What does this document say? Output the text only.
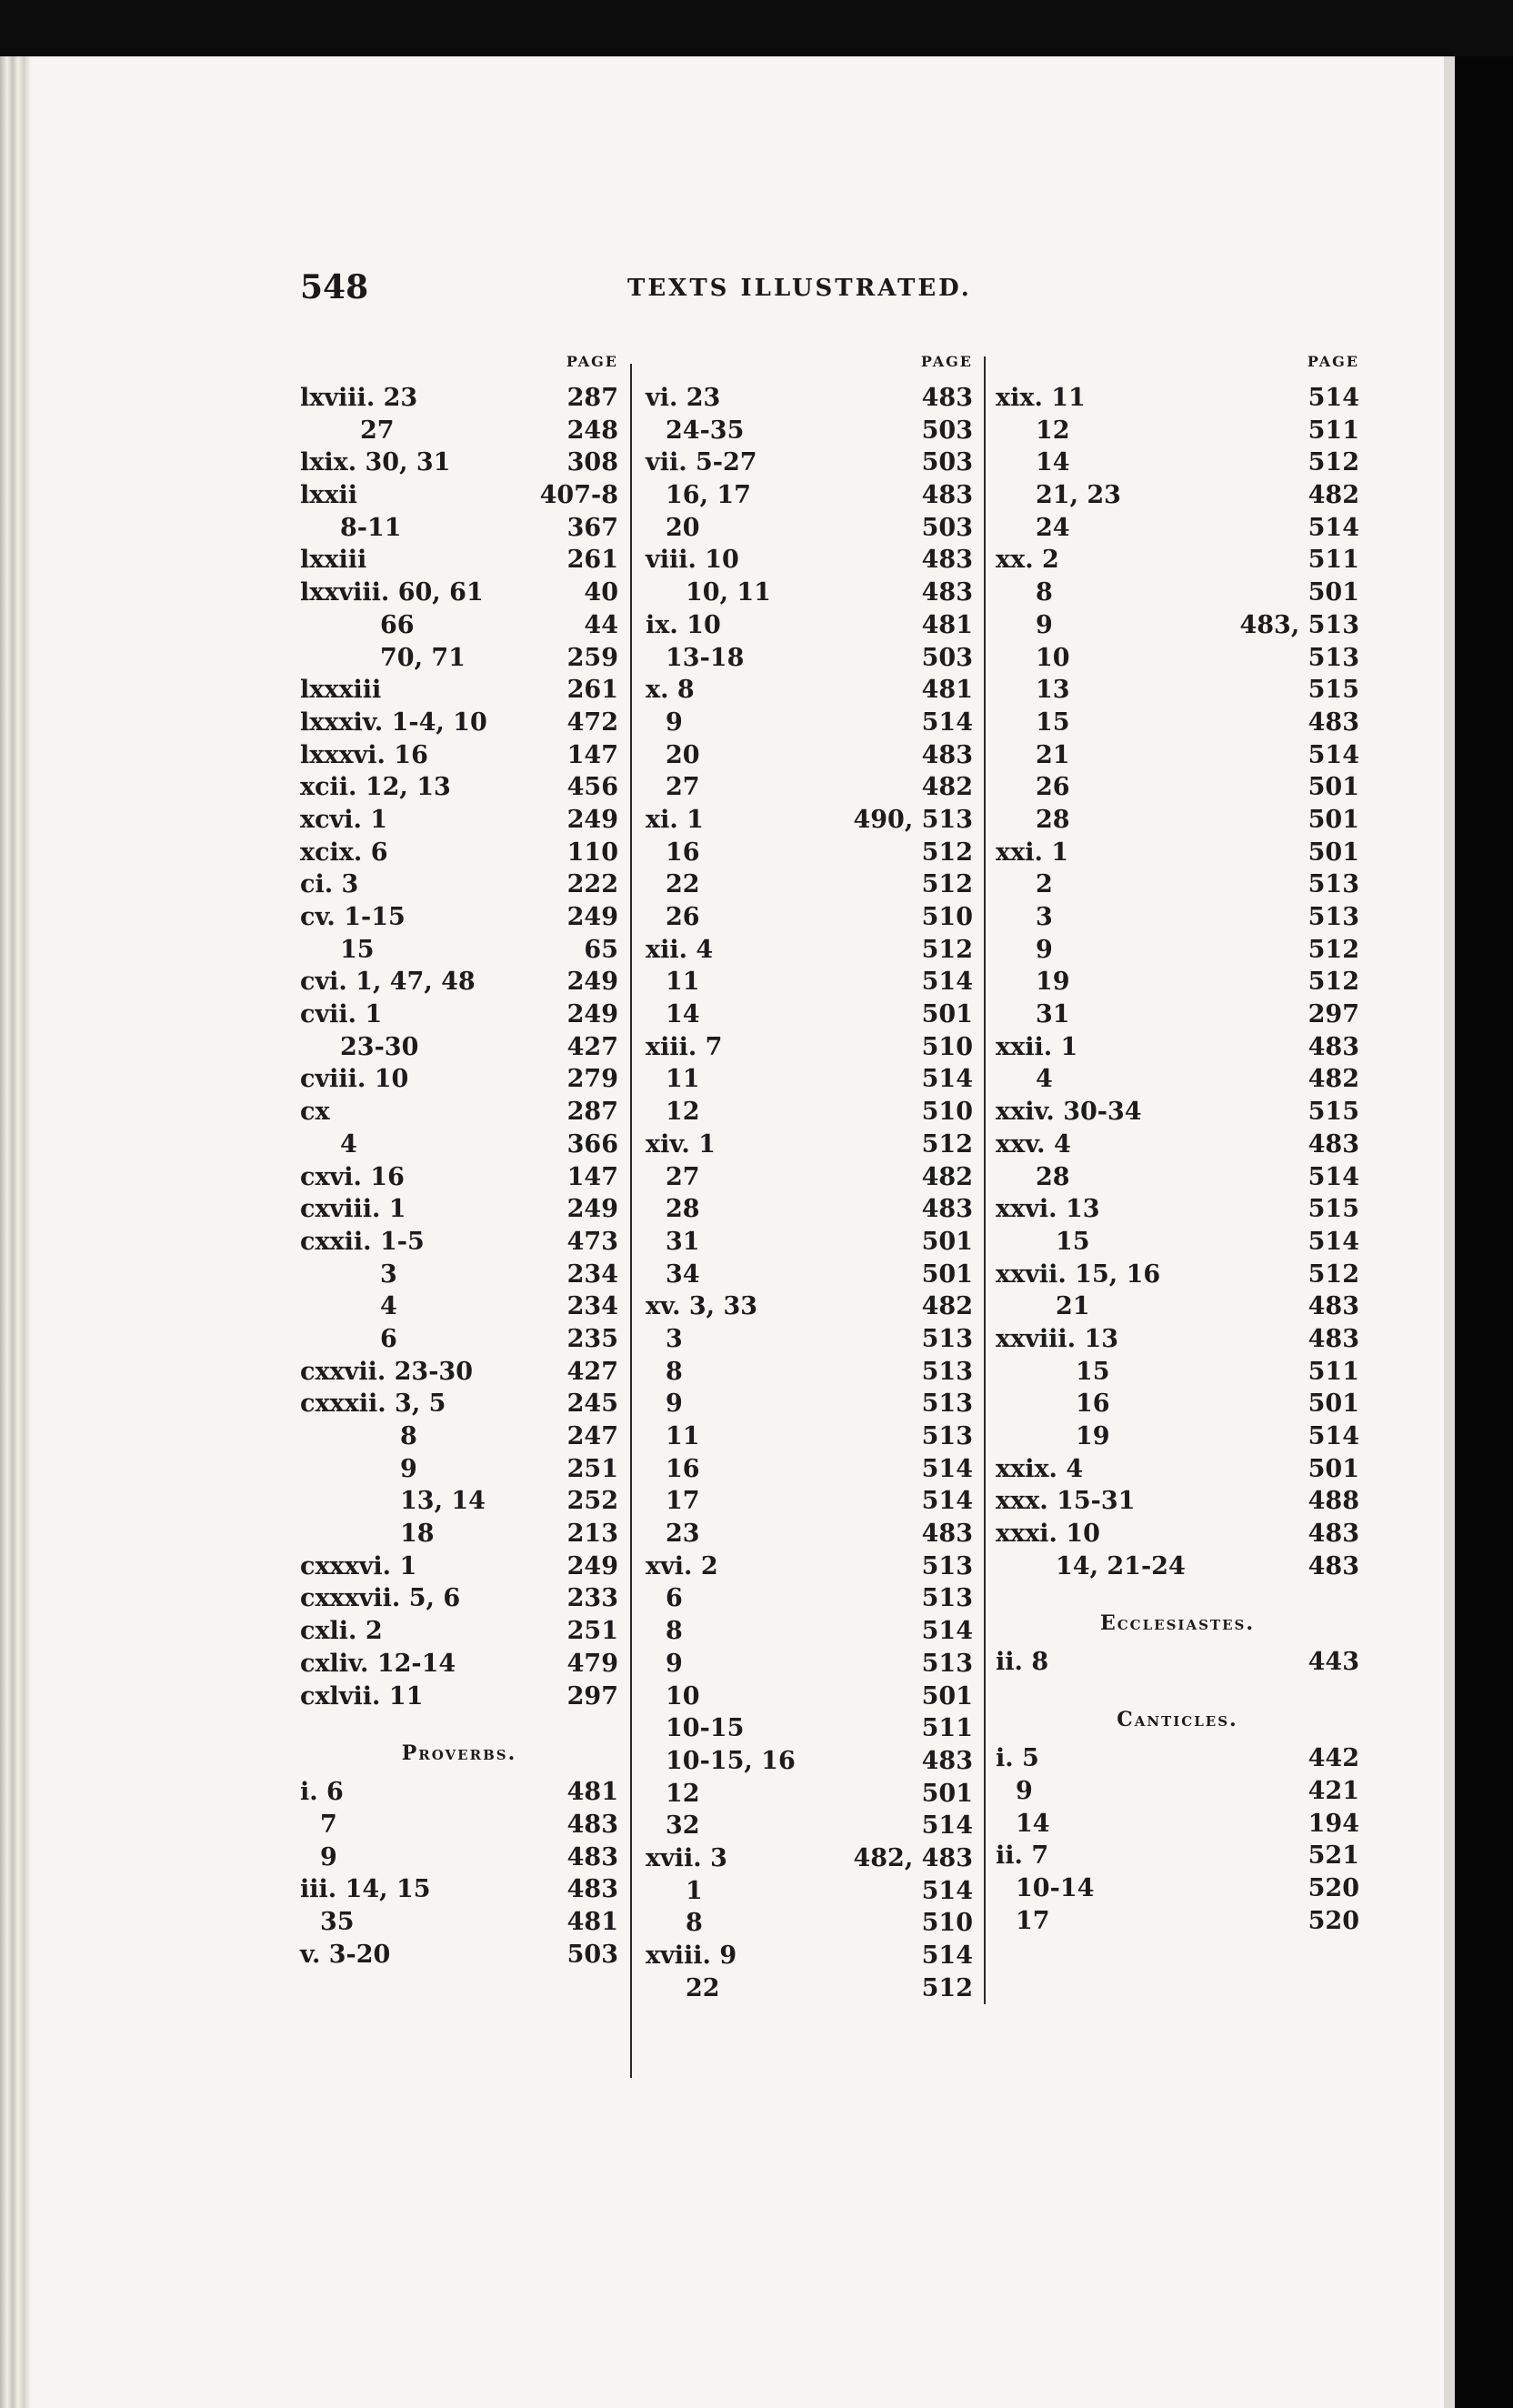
548	TEXTS ILLUSTRATED.
PAGE
lxviii. 23	287
27	248
lxix. 30, 31	308
lxxii	407-8
8-11	367
lxxiii	261
lxxviii. 60, 61	40
66	44
70, 71	259
lxxxiii	261
lxxxiv. 1-4, 10	472
lxxxvi. 16	147
xcii. 12, 13	456
xcvi. 1	249
xcix. 6	110
ci. 3	222
cv. 1-15	249
15	65
cvi. 1, 47, 48	249
cvii. 1	249
23-30	427
cviii. 10	279
cx	287
4	366
cxvi. 16	147
cxviii. 1	249
cxxii. 1-5	473
3	234
4	234
6	235
cxxvii. 23-30	427
cxxxii. 3, 5	245
8	247
9	251
13, 14	252
18	213
cxxxvi. 1	249
cxxxvii. 5, 6	233
cxli. 2	251
cxliv. 12-14	479
cxlvii. 11	297
Proverbs.
i. 6	481
7	483
9	483
iii. 14, 15	483
35	481
v. 3-20	503
PAGE
vi. 23	483
24-35	503
vii. 5-27	503
16, 17	483
20	503
viii. 10	483
10, 11	483
ix. 10	481
13-18	503
x. 8	481
9	514
20	483
27	482
xi. 1	490, 513
16	512
22	512
26	510
xii. 4	512
11	514
14	501
xiii. 7	510
11	514
12	510
xiv. 1	512
27	482
28	483
31	501
34	501
xv. 3, 33	482
3	513
8	513
9	513
11	513
16	514
17	514
23	483
xvi. 2	513
6	513
8	514
9	513
10	501
10-15	511
10-15, 16	483
12	501
32	514
xvii. 3	482, 483
1	514
8	510
xviii. 9	514
22	512
PAGE
xix. 11	514
12	511
14	512
21, 23	482
24	514
xx. 2	511
8	501
9	483, 513
10	513
13	515
15	483
21	514
26	501
28	501
xxi. 1	501
2	513
3	513
9	512
19	512
31	297
xxii. 1	483
4	482
xxiv. 30-34	515
xxv. 4	483
28	514
xxvi. 13	515
15	514
xxvii. 15, 16	512
21	483
xxviii. 13	483
15	511
16	501
19	514
xxix. 4	501
xxx. 15-31	488
xxxi. 10	483
14, 21-24	483
Ecclesiastes.
ii. 8	443
Canticles.
i. 5	442
9	421
14	194
ii. 7	521
10-14	520
17	520
